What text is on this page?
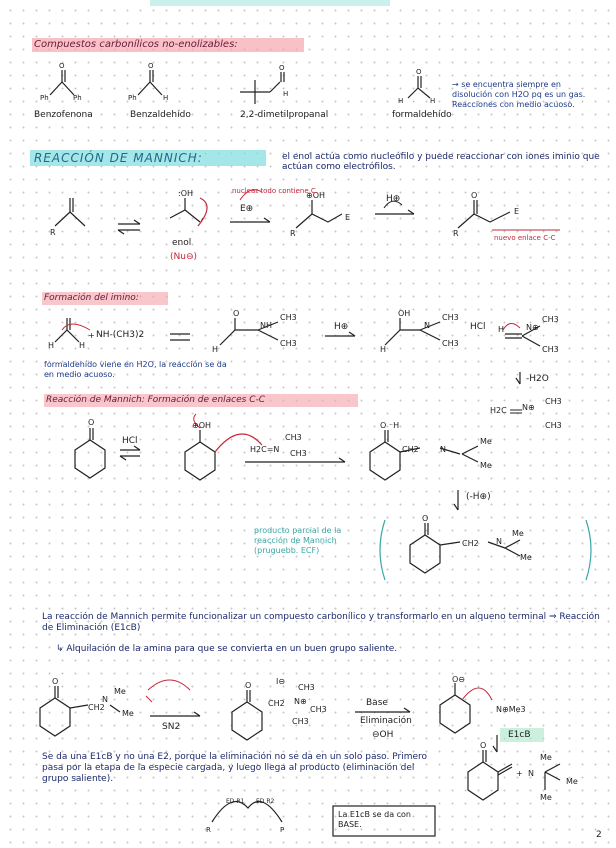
O
Ph	Ph
O
Ph	H
O
H
O
H	H
R
:OH
R
⊕OH
E
R
O
E
H	H
+
O
H
NH
CH3
CH3
OH
H
N
CH3
CH3
H	N⊕
CH3
CH3
H2C N⊕
CH3
CH3
O	⊕OH
H2C=N
CH3
CH3
O ⁻H
CH2	N
Me
Me
O
CH2 N
Me
Me
O
CH2
N
Me
Me
O
CH2 N⊕
CH3
CH3
CH3
I⊖	O⊖
N⊕Me3
O
N
Me
Me
Me
+
R	P
Compuestos carbonílicos no-enolizables:
Benzofenona	Benzaldehído	2,2-dimetilpropanal	formaldehído
→ se encuentra siempre en disolución con H2O pq es un gas. Reacciones con medio acuoso.
REACCIÓN DE MANNICH:	el enol actúa como nucleófilo y puede reaccionar con iones iminio que actúan como electrófilos.
nuclear todo contiene C.
E⊕
H⊕
enol
(Nu⊖)
nuevo enlace C-C
Formación del imino:
NH-(CH3)2
HCl
H⊕
formaldehído viene en H2O, la reacción se da en medio acuoso.	-H2O
Reacción de Mannich: Formación de enlaces C-C
HCl
(-H⊕)
producto parcial de la reacción de Mannich (pruguebb. ECF)
La reacción de Mannich permite funcionalizar un compuesto carbonílico y transformarlo en un alqueno terminal ⇒ Reacción de Eliminación (E1cB)
↳ Alquilación de la amina para que se convierta en un buen grupo saliente.
SN2
Base
Eliminación
⊖OH	E1cB
Se da una E1cB y no una E2, porque la eliminación no se da en un solo paso. Primero pasa por la etapa de la especie cargada, y luego llega al producto (eliminación del grupo saliente).
ED R1 ED R2
La E1cB se da con BASE.
2
